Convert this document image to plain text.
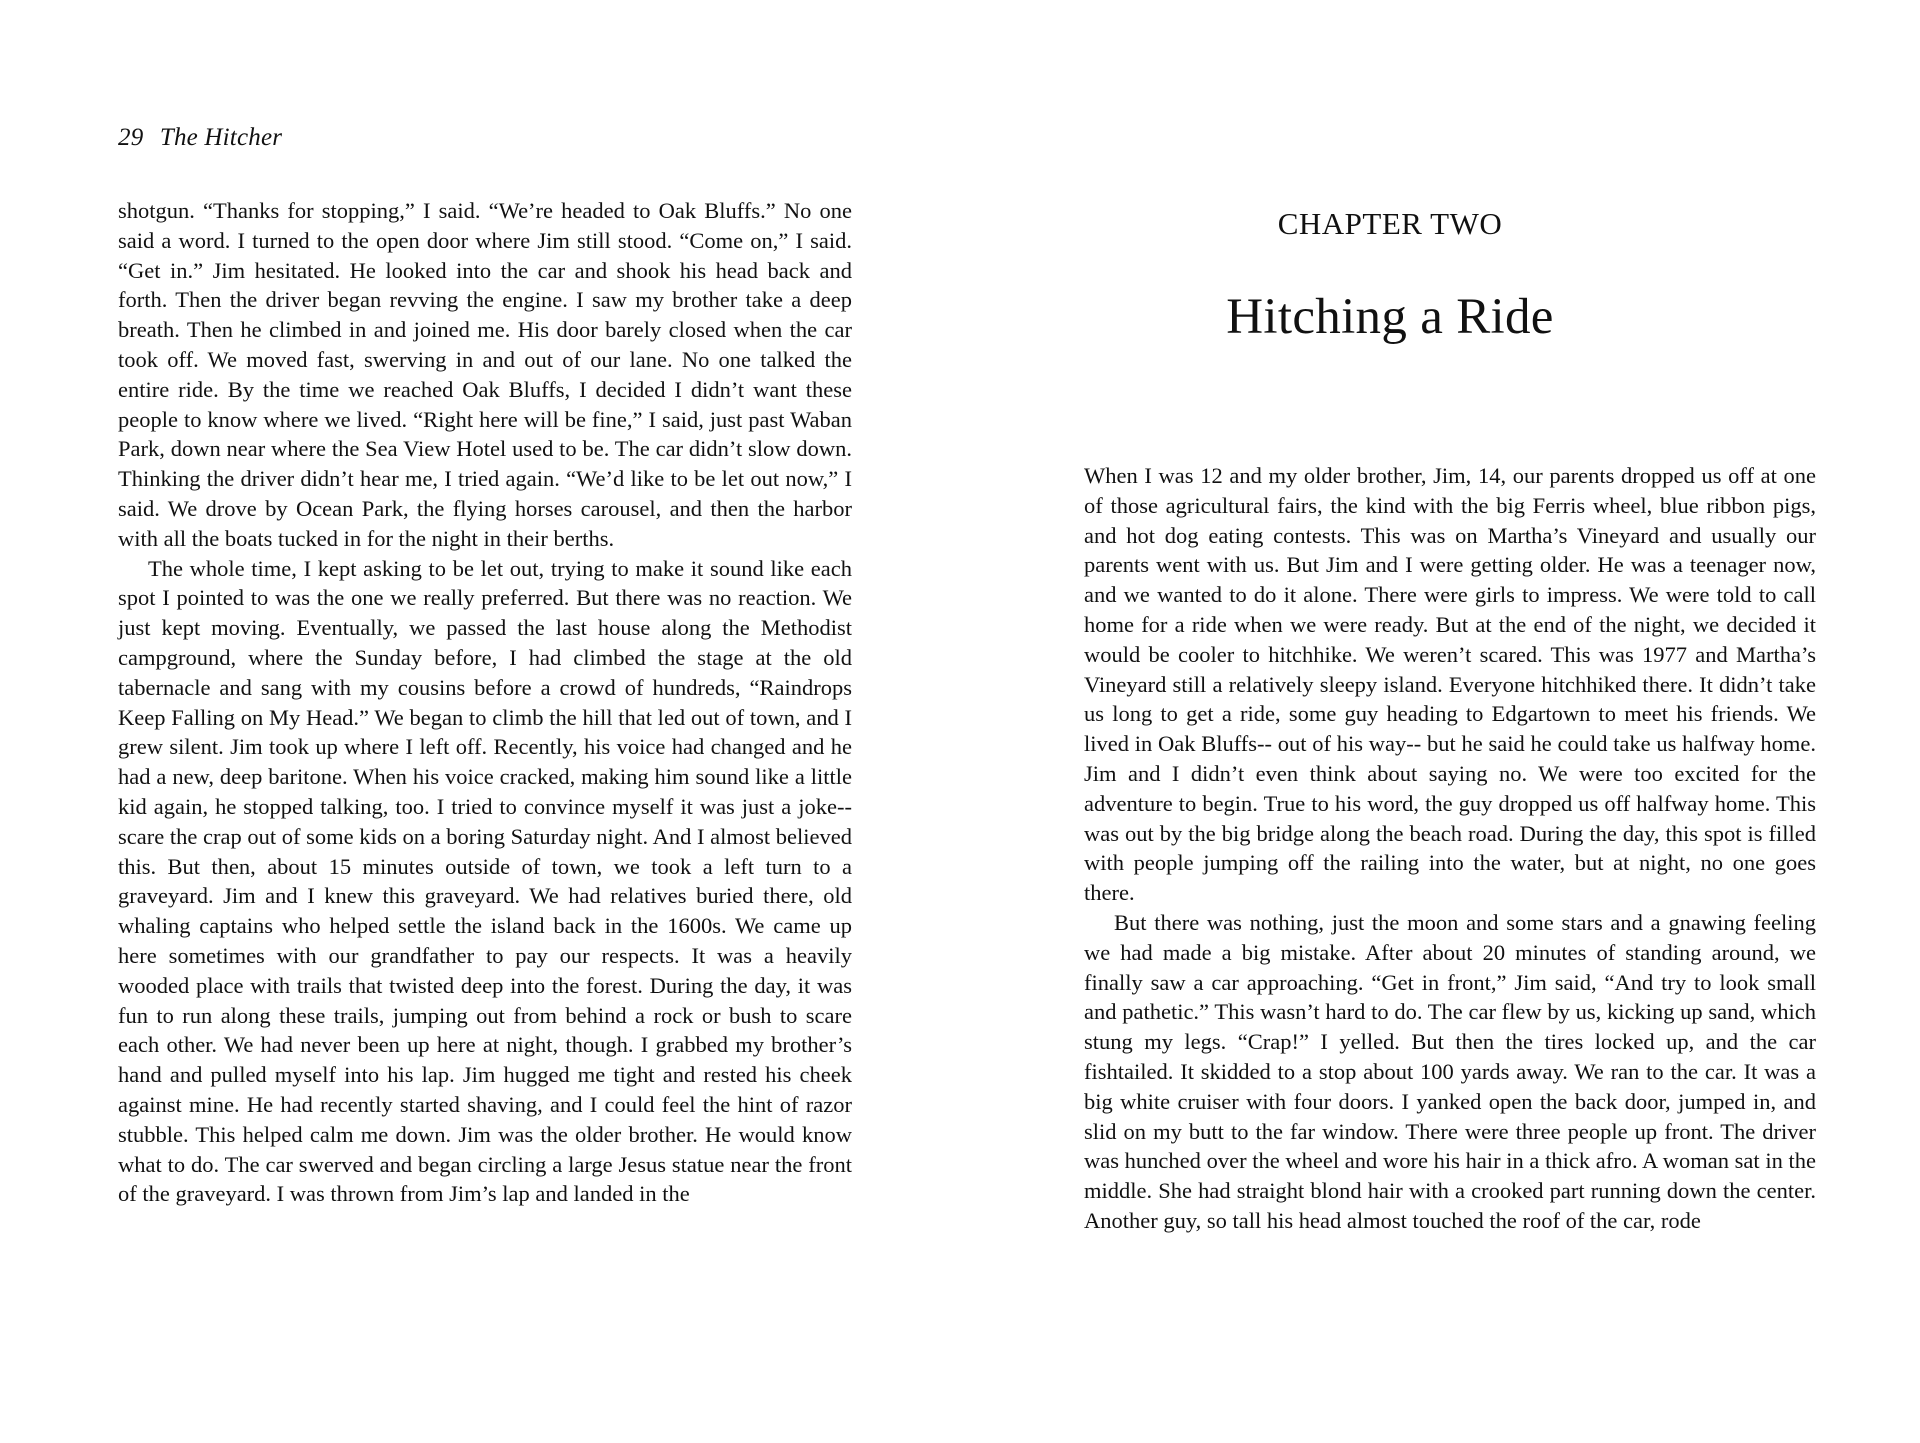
29 The Hitcher

shotgun. “Thanks for stopping,” I said. “We’re headed to Oak Bluffs.” No one said a word. I turned to the open door where Jim still stood. “Come on,” I said. “Get in.” Jim hesitated. He looked into the car and shook his head back and forth. Then the driver began revving the engine. I saw my brother take a deep breath. Then he climbed in and joined me. His door barely closed when the car took off. We moved fast, swerving in and out of our lane. No one talked the entire ride. By the time we reached Oak Bluffs, I decided I didn’t want these people to know where we lived. “Right here will be fine,” I said, just past Waban Park, down near where the Sea View Hotel used to be. The car didn’t slow down. Thinking the driver didn’t hear me, I tried again. “We’d like to be let out now,” I said. We drove by Ocean Park, the flying horses carousel, and then the harbor with all the boats tucked in for the night in their berths.

The whole time, I kept asking to be let out, trying to make it sound like each spot I pointed to was the one we really preferred. But there was no reaction. We just kept moving. Eventually, we passed the last house along the Methodist campground, where the Sunday before, I had climbed the stage at the old tabernacle and sang with my cousins before a crowd of hundreds, “Raindrops Keep Falling on My Head.” We began to climb the hill that led out of town, and I grew silent. Jim took up where I left off. Recently, his voice had changed and he had a new, deep baritone. When his voice cracked, making him sound like a little kid again, he stopped talking, too. I tried to convince myself it was just a joke-- scare the crap out of some kids on a boring Saturday night. And I almost believed this. But then, about 15 minutes outside of town, we took a left turn to a graveyard. Jim and I knew this graveyard. We had relatives buried there, old whaling captains who helped settle the island back in the 1600s. We came up here sometimes with our grandfather to pay our respects. It was a heavily wooded place with trails that twisted deep into the forest. During the day, it was fun to run along these trails, jumping out from behind a rock or bush to scare each other. We had never been up here at night, though. I grabbed my brother’s hand and pulled myself into his lap. Jim hugged me tight and rested his cheek against mine. He had recently started shaving, and I could feel the hint of razor stubble. This helped calm me down. Jim was the older brother. He would know what to do. The car swerved and began circling a large Jesus statue near the front of the graveyard. I was thrown from Jim’s lap and landed in the

CHAPTER TWO
Hitching a Ride

When I was 12 and my older brother, Jim, 14, our parents dropped us off at one of those agricultural fairs, the kind with the big Ferris wheel, blue ribbon pigs, and hot dog eating contests. This was on Martha’s Vineyard and usually our parents went with us. But Jim and I were getting older. He was a teenager now, and we wanted to do it alone. There were girls to impress. We were told to call home for a ride when we were ready. But at the end of the night, we decided it would be cooler to hitchhike. We weren’t scared. This was 1977 and Martha’s Vineyard still a relatively sleepy island. Everyone hitchhiked there. It didn’t take us long to get a ride, some guy heading to Edgartown to meet his friends. We lived in Oak Bluffs-- out of his way-- but he said he could take us halfway home. Jim and I didn’t even think about saying no. We were too excited for the adventure to begin. True to his word, the guy dropped us off halfway home. This was out by the big bridge along the beach road. During the day, this spot is filled with people jumping off the railing into the water, but at night, no one goes there.

But there was nothing, just the moon and some stars and a gnawing feeling we had made a big mistake. After about 20 minutes of standing around, we finally saw a car approaching. “Get in front,” Jim said, “And try to look small and pathetic.” This wasn’t hard to do. The car flew by us, kicking up sand, which stung my legs. “Crap!” I yelled. But then the tires locked up, and the car fishtailed. It skidded to a stop about 100 yards away. We ran to the car. It was a big white cruiser with four doors. I yanked open the back door, jumped in, and slid on my butt to the far window. There were three people up front. The driver was hunched over the wheel and wore his hair in a thick afro. A woman sat in the middle. She had straight blond hair with a crooked part running down the center. Another guy, so tall his head almost touched the roof of the car, rode
